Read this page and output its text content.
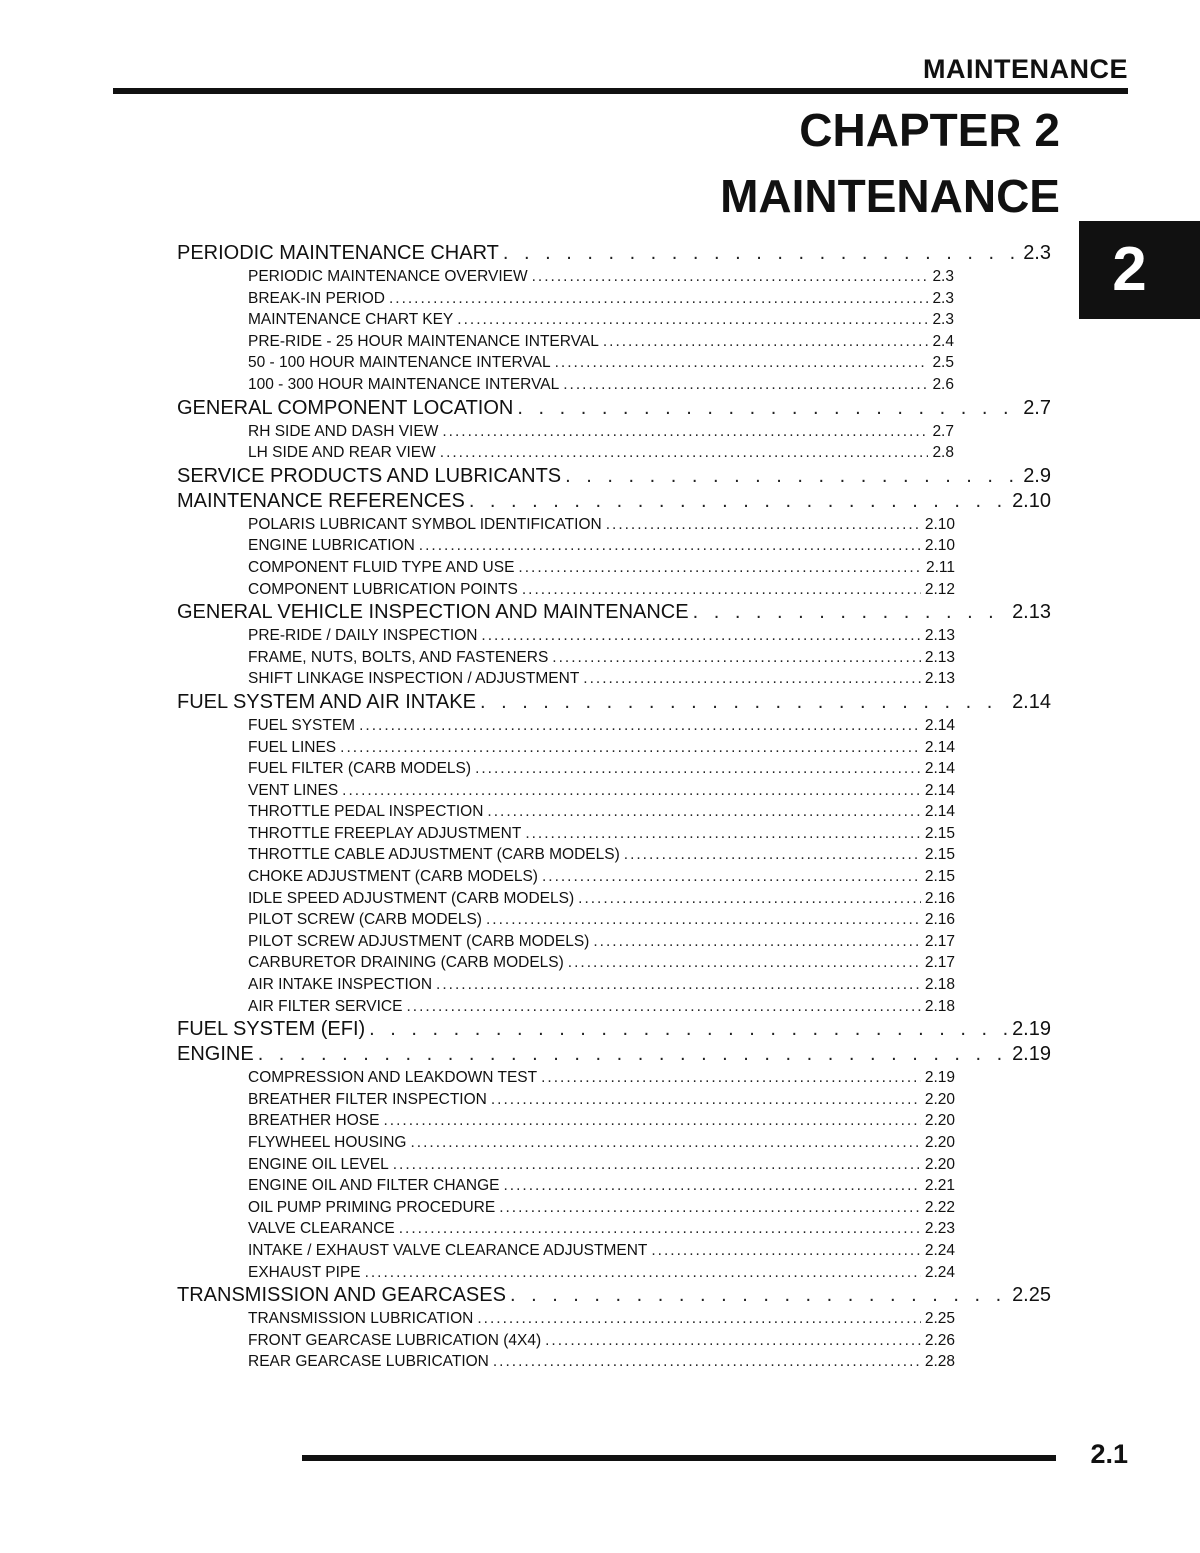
MAINTENANCE
CHAPTER 2
MAINTENANCE
2
PERIODIC MAINTENANCE CHART . . .	2.3
PERIODIC MAINTENANCE OVERVIEW .....	2.3
BREAK-IN PERIOD .....	2.3
MAINTENANCE CHART KEY .....	2.3
PRE-RIDE - 25 HOUR MAINTENANCE INTERVAL .....	2.4
50 - 100 HOUR MAINTENANCE INTERVAL .....	2.5
100 - 300 HOUR MAINTENANCE INTERVAL .....	2.6
GENERAL COMPONENT LOCATION . . .	2.7
RH SIDE AND DASH VIEW .....	2.7
LH SIDE AND REAR VIEW .....	2.8
SERVICE PRODUCTS AND LUBRICANTS . . .	2.9
MAINTENANCE REFERENCES . . .	2.10
POLARIS LUBRICANT SYMBOL IDENTIFICATION .....	2.10
ENGINE LUBRICATION .....	2.10
COMPONENT FLUID TYPE AND USE .....	2.11
COMPONENT LUBRICATION POINTS .....	2.12
GENERAL VEHICLE INSPECTION AND MAINTENANCE . . .	2.13
PRE-RIDE / DAILY INSPECTION .....	2.13
FRAME, NUTS, BOLTS, AND FASTENERS .....	2.13
SHIFT LINKAGE INSPECTION / ADJUSTMENT .....	2.13
FUEL SYSTEM AND AIR INTAKE . . .	2.14
FUEL SYSTEM .....	2.14
FUEL LINES .....	2.14
FUEL FILTER (CARB MODELS) .....	2.14
VENT LINES .....	2.14
THROTTLE PEDAL INSPECTION .....	2.14
THROTTLE FREEPLAY ADJUSTMENT .....	2.15
THROTTLE CABLE ADJUSTMENT (CARB MODELS) .....	2.15
CHOKE ADJUSTMENT (CARB MODELS) .....	2.15
IDLE SPEED ADJUSTMENT (CARB MODELS) .....	2.16
PILOT SCREW (CARB MODELS) .....	2.16
PILOT SCREW ADJUSTMENT (CARB MODELS) .....	2.17
CARBURETOR DRAINING (CARB MODELS) .....	2.17
AIR INTAKE INSPECTION .....	2.18
AIR FILTER SERVICE .....	2.18
FUEL SYSTEM (EFI) . . .	2.19
ENGINE . . .	2.19
COMPRESSION AND LEAKDOWN TEST .....	2.19
BREATHER FILTER INSPECTION .....	2.20
BREATHER HOSE .....	2.20
FLYWHEEL HOUSING .....	2.20
ENGINE OIL LEVEL .....	2.20
ENGINE OIL AND FILTER CHANGE .....	2.21
OIL PUMP PRIMING PROCEDURE .....	2.22
VALVE CLEARANCE .....	2.23
INTAKE / EXHAUST VALVE CLEARANCE ADJUSTMENT .....	2.24
EXHAUST PIPE .....	2.24
TRANSMISSION AND GEARCASES . . .	2.25
TRANSMISSION LUBRICATION .....	2.25
FRONT GEARCASE LUBRICATION (4X4) .....	2.26
REAR GEARCASE LUBRICATION .....	2.28
2.1
